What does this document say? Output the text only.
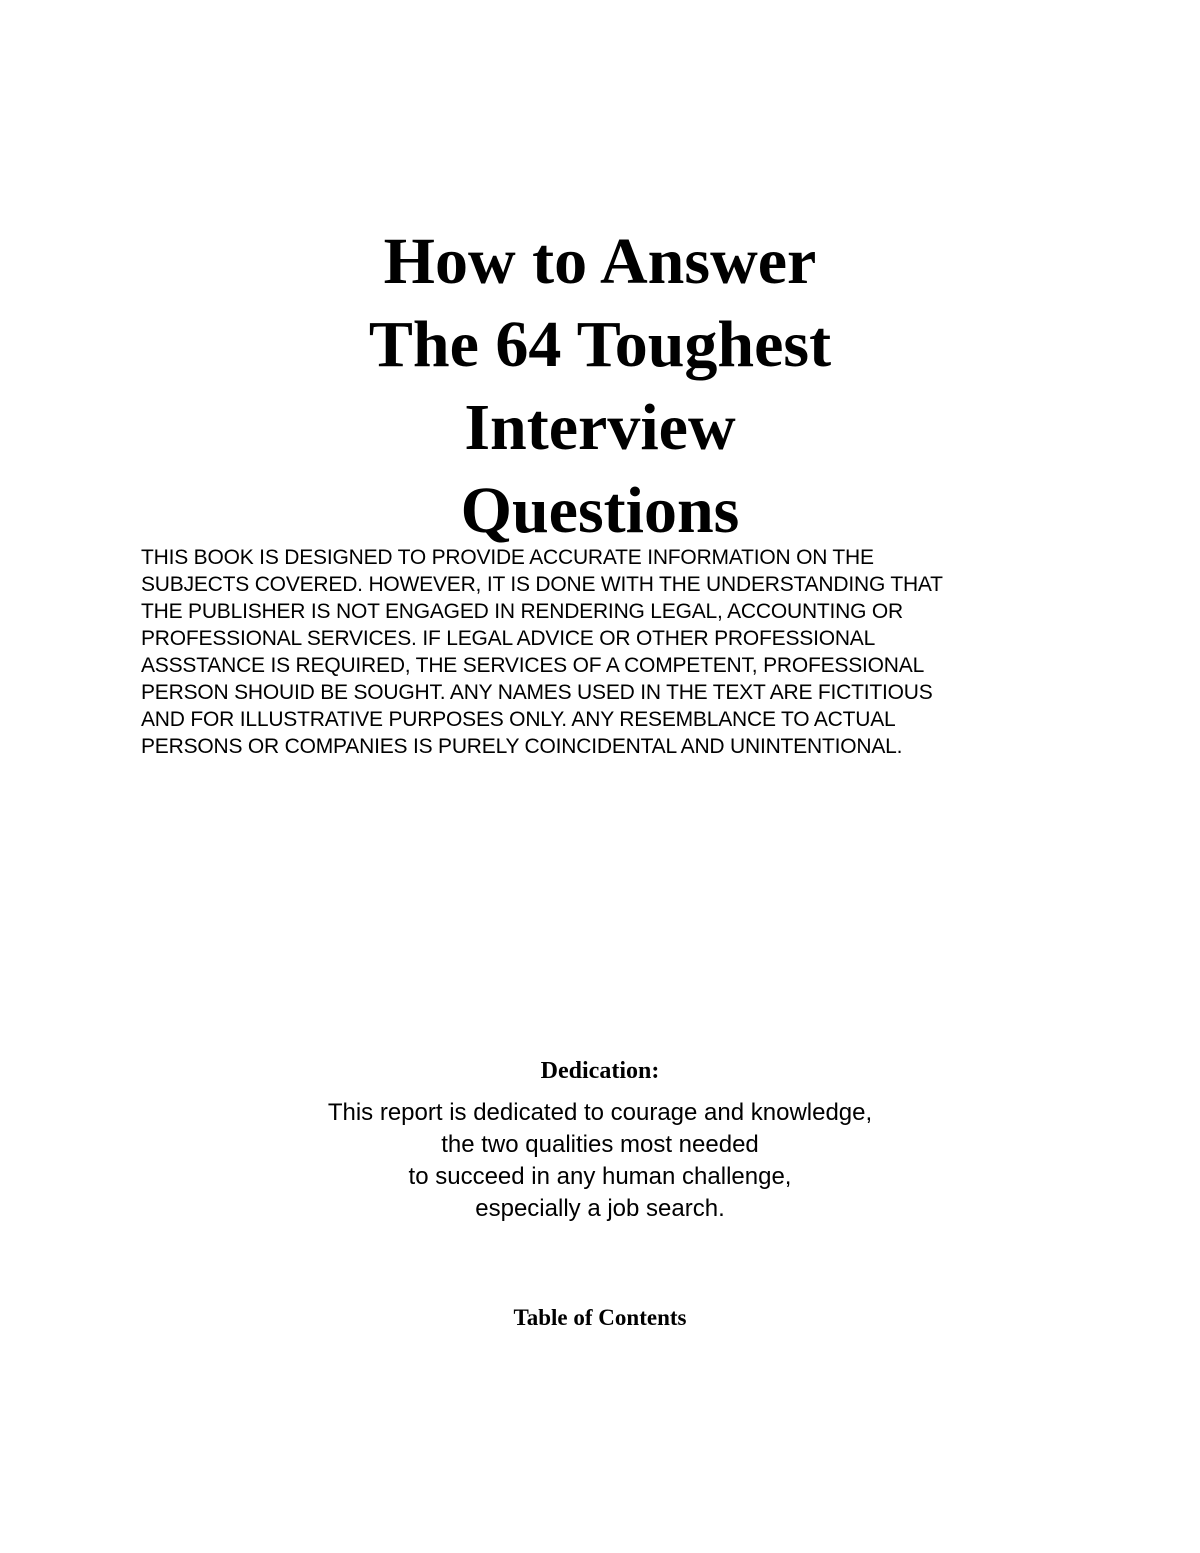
How to Answer
The 64 Toughest
Interview
Questions
THIS BOOK IS DESIGNED TO PROVIDE ACCURATE INFORMATION ON THE
SUBJECTS COVERED. HOWEVER, IT IS DONE WITH THE UNDERSTANDING THAT
THE PUBLISHER IS NOT ENGAGED IN RENDERING LEGAL, ACCOUNTING OR
PROFESSIONAL SERVICES. IF LEGAL ADVICE OR OTHER PROFESSIONAL
ASSSTANCE IS REQUIRED, THE SERVICES OF A COMPETENT, PROFESSIONAL
PERSON SHOUID BE SOUGHT. ANY NAMES USED IN THE TEXT ARE FICTITIOUS
AND FOR ILLUSTRATIVE PURPOSES ONLY. ANY RESEMBLANCE TO ACTUAL
PERSONS OR COMPANIES IS PURELY COINCIDENTAL AND UNINTENTIONAL.
Dedication:
This report is dedicated to courage and knowledge,
the two qualities most needed
to succeed in any human challenge,
especially a job search.
Table of Contents
